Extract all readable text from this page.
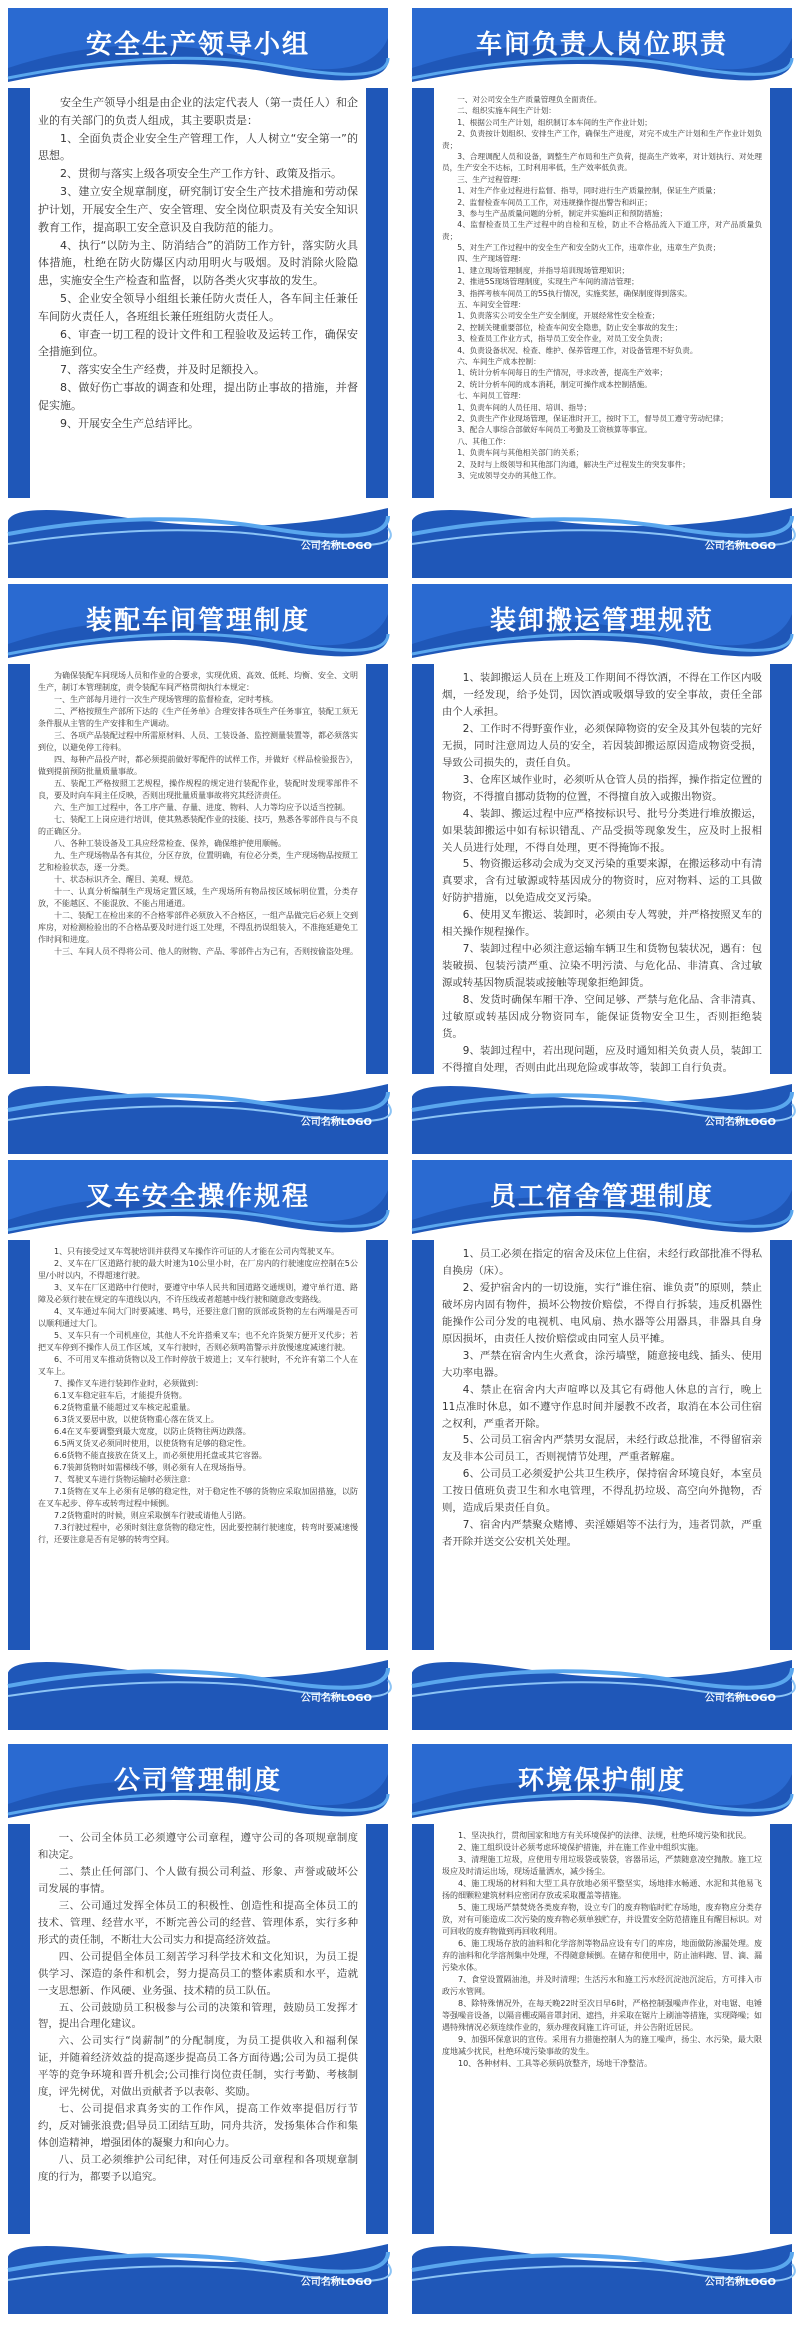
安全生产领导小组

安全生产领导小组是由企业的法定代表人（第一责任人）和企业的有关部门的负责人组成，其主要职责是：

1、全面负责企业安全生产管理工作，人人树立“安全第一”的思想。

2、贯彻与落实上级各项安全生产工作方针、政策及指示。

3、建立安全规章制度，研究制订安全生产技术措施和劳动保护计划，开展安全生产、安全管理、安全岗位职责及有关安全知识教育工作，提高职工安全意识及自我防范的能力。

4、执行“以防为主、防消结合”的消防工作方针，落实防火具体措施，杜绝在防火防爆区内动用明火与吸烟。及时消除火险隐患，实施安全生产检查和监督，以防各类火灾事故的发生。

5、企业安全领导小组组长兼任防火责任人，各车间主任兼任车间防火责任人，各班组长兼任班组防火责任人。

6、审查一切工程的设计文件和工程验收及运转工作，确保安全措施到位。

7、落实安全生产经费，并及时足额投入。

8、做好伤亡事故的调查和处理，提出防止事故的措施，并督促实施。

9、开展安全生产总结评比。

公司名称LOGO
车间负责人岗位职责

一、对公司安全生产质量管理负全面责任。

二、组织实施车间生产计划：

1、根据公司生产计划，组织制订本车间的生产作业计划；

2、负责按计划组织、安排生产工作，确保生产进度，对完不成生产计划和生产作业计划负责；

3、合理调配人员和设备，调整生产布局和生产负荷，提高生产效率，对计划执行、对处理员，生产安全不达标，工时利用率低，生产效率低负责。

三、生产过程管理：

1、对生产作业过程进行监督、指导，同时进行生产质量控制，保证生产质量；

2、监督检查车间员工工作，对违规操作提出警告和纠正；

3、参与生产品质量问题的分析，制定并实施纠正和预防措施；

4、监督检查员工生产过程中的自检和互检，防止不合格品流入下道工序，对产品质量负责；

5、对生产工作过程中的安全生产和安全防火工作，违章作业，违章生产负责；

四、生产现场管理：

1、建立现场管理制度，并指导培训现场管理知识；

2、推进5S现场管理制度，实现生产车间的清洁管理；

3、指挥考核车间员工的5S执行情况，实施奖惩，确保制度得到落实。

五、车间安全管理：

1、负责落实公司安全生产安全制度，开展经常性安全检查；

2、控制关键重要部位，检查车间安全隐患，防止安全事故的发生；

3、检查员工作业方式，指导员工安全作业，对员工安全负责；

4、负责设备状况、检查、维护、保养管理工作，对设备管理不好负责。

六、车间生产成本控制：

1、统计分析车间每日的生产情况，寻求改善，提高生产效率；

2、统计分析车间的成本消耗，制定可操作成本控制措施。

七、车间员工管理：

1、负责车间的人员任用、培训、指导；

2、负责生产作业现场管理，保证准时开工，按时下工，督导员工遵守劳动纪律；

3、配合人事综合部做好车间员工考勤及工资核算等事宜。

八、其他工作：

1、负责车间与其他相关部门的关系；

2、及时与上级领导和其他部门沟通，解决生产过程发生的突发事件；

3、完成领导交办的其他工作。

公司名称LOGO
装配车间管理制度

为确保装配车间现场人员和作业的合要求，实现优质、高效、低耗、均衡、安全、文明生产，制订本管理制度，责令装配车间严格贯彻执行本规定：

一、生产部每月进行一次生产现场管理的监督检查，定时考核。

二、严格按照生产部所下达的《生产任务单》合理安排各项生产任务事宜，装配工须无条件服从主管的生产安排和生产调动。

三、各项产品装配过程中所需原材料、人员、工装设备、监控测量装置等，都必须落实到位，以避免停工待料。

四、每种产品投产时，都必须提前做好零配件的试样工作，并做好《样品检验报告》，做到提前预防批量质量事故。

五、装配工严格按照工艺规程，操作规程的规定进行装配作业，装配时发现零部件不良，要及时向车间主任反映，否则出现批量质量事故将究其经济责任。

六、生产加工过程中，各工序产量、存量、进度、物料、人力等均应予以适当控制。

七、装配工上岗应进行培训，使其熟悉装配作业的技能、技巧，熟悉各零部件良与不良的正确区分。

八、各种工装设备及工具应经常检查、保养，确保维护使用顺畅。

九、生产现场物品各有其位，分区存放，位置明确，有位必分类，生产现场物品按照工艺和检验状态，逐一分类。

十、状态标识齐全、醒目、美观、规范。

十一、认真分析编制生产现场定置区域，生产现场所有物品按区域标明位置，分类存放，不能越区、不能混放、不能占用通道。

十二、装配工在检出来的不合格零部件必须放入不合格区，一组产品做完后必须上交到库房，对检测检验出的不合格品要及时进行返工处理，不得乱扔误组装入，不准拖延避免工作时间和进度。

十三、车间人员不得将公司、他人的财物、产品、零部件占为己有，否则按偷盗处理。

公司名称LOGO
装卸搬运管理规范

1、装卸搬运人员在上班及工作期间不得饮酒，不得在工作区内吸烟，一经发现，给予处罚，因饮酒或吸烟导致的安全事故，责任全部由个人承担。

2、工作时不得野蛮作业，必须保障物资的安全及其外包装的完好无损，同时注意周边人员的安全，若因装卸搬运原因造成物资受损，导致公司损失的，责任自负。

3、仓库区域作业时，必须听从仓管人员的指挥，操作指定位置的物资，不得擅自挪动货物的位置，不得擅自放入或搬出物资。

4、装卸、搬运过程中应严格按标识号、批号分类进行堆放搬运，如果装卸搬运中如有标识错乱、产品受损等现象发生，应及时上报相关人员进行处理，不得自处理，更不得掩饰不报。

5、物资搬运移动会成为交叉污染的重要来源，在搬运移动中有清真要求，含有过敏源或特基因成分的物资时，应对物料、运的工具做好防护措施，以免造成交叉污染。

6、使用叉车搬运、装卸时，必须由专人驾驶，并严格按照叉车的相关操作规程操作。

7、装卸过程中必须注意运输车辆卫生和货物包装状况，遇有：包装破损、包装污渍严重、泣染不明污渍、与危化品、非清真、含过敏源或转基因物质混装或接触等现象拒绝卸货。

8、发货时确保车厢干净、空间足够、严禁与危化品、含非清真、过敏原或转基因成分物资同车，能保证货物安全卫生，否则拒绝装货。

9、装卸过程中，若出现问题，应及时通知相关负责人员，装卸工不得擅自处理，否则由此出现危险或事故等，装卸工自行负责。

公司名称LOGO
叉车安全操作规程

1、只有接受过叉车驾驶培训并获得叉车操作许可证的人才能在公司内驾驶叉车。

2、叉车在厂区道路行驶的最大时速为10公里小时，在厂房内的行驶速度应控制在5公里/小时以内，不得超速行驶。

3、叉车在厂区道路中行使时，要遵守中华人民共和国道路交通规则，遵守单行道、路障及必须行驶在规定的车道线以内，不许压线或者超越中线行驶和随意改变路线。

4、叉车通过车间大门时要减速、鸣号，还要注意门窗的顶部或货物的左右两端是否可以顺利通过大门。

5、叉车只有一个司机座位，其他人不允许搭乘叉车；也不允许货架方便开叉代步；若把叉车停到不操作人员工作区域，叉车行驶时，否则必须鸣笛警示并放慢速度减速行驶。

6、不可用叉车推动货物以及工作时停放于坡道上；叉车行驶时，不允许有第二个人在叉车上。

7、操作叉车进行装卸作业时，必须做到：

6.1叉车稳定驻车后，才能提升货物。

6.2货物重量不能超过叉车核定起重量。

6.3货叉要居中放，以使货物重心落在货叉上。

6.4在叉车要调整到最大宽度，以防止货物往两边跌落。

6.5两叉货叉必须同时使用，以使货物有足够的稳定性。

6.6货物不能直接放在货叉上，而必须使用托盘或其它容器。

6.7装卸货物时如需梯线不够，则必须有人在现场指导。

7、驾驶叉车进行货物运输时必须注意：

7.1货物在叉车上必须有足够的稳定性，对于稳定性不够的货物应采取加固措施，以防在叉车起步、停车或转弯过程中倾倒。

7.2货物重时的时候，则应采取倒车行驶或请他人引路。

7.3行驶过程中，必须时刻注意货物的稳定性，因此要控制行驶速度，转弯时要减速慢行，还要注意是否有足够的转弯空间。

公司名称LOGO
员工宿舍管理制度

1、员工必须在指定的宿舍及床位上住宿，未经行政部批准不得私自换房（床）。

2、爱护宿舍内的一切设施，实行“谁住宿、谁负责”的原则，禁止破坏房内固有物件，损坏公物按价赔偿，不得自行拆装，违反机器性能操作公司分发的电视机、电风扇、热水器等公用器具，非器具自身原因损坏，由责任人按价赔偿或由同室人员平摊。

3、严禁在宿舍内生火煮食，涂污墙壁，随意接电线、插头、使用大功率电器。

4、禁止在宿舍内大声喧哗以及其它有碍他人休息的言行，晚上11点准时休息，如不遵守作息时间并屡教不改者，取消在本公司住宿之权利，严重者开除。

5、公司员工宿舍内严禁男女混居，未经行政总批准，不得留宿亲友及非本公司员工，否则视情节处理，严重者解雇。

6、公司员工必须爱护公共卫生秩序，保持宿舍环境良好，本室员工按日值班负责卫生和水电管理，不得乱扔垃圾、高空向外抛物，否则，造成后果责任自负。

7、宿舍内严禁聚众赌博、卖淫嫖娼等不法行为，违者罚款，严重者开除并送交公安机关处理。

公司名称LOGO
公司管理制度

一、公司全体员工必须遵守公司章程，遵守公司的各项规章制度和决定。

二、禁止任何部门、个人做有损公司利益、形象、声誉或破坏公司发展的事情。

三、公司通过发挥全体员工的积极性、创造性和提高全体员工的技术、管理、经营水平，不断完善公司的经营、管理体系，实行多种形式的责任制，不断壮大公司实力和提高经济效益。

四、公司提倡全体员工刻苦学习科学技术和文化知识，为员工提供学习、深造的条件和机会，努力提高员工的整体素质和水平，造就一支思想新、作风硬、业务强、技术精的员工队伍。

五、公司鼓励员工积极参与公司的决策和管理，鼓励员工发挥才智，提出合理化建议。

六、公司实行“岗薪制”的分配制度，为员工提供收入和福利保证，并随着经济效益的提高逐步提高员工各方面待遇;公司为员工提供平等的竞争环境和晋升机会;公司推行岗位责任制，实行考勤、考核制度，评先树优，对做出贡献者予以表彰、奖励。

七、公司提倡求真务实的工作作风，提高工作效率提倡厉行节约，反对铺张浪费;倡导员工团结互助，同舟共济，发扬集体合作和集体创造精神，增强团体的凝聚力和向心力。

八、员工必须维护公司纪律，对任何违反公司章程和各项规章制度的行为，都要予以追究。

公司名称LOGO
环境保护制度

1、坚决执行，贯彻国家和地方有关环境保护的法律、法规，杜绝环境污染和扰民。

2、施工组织设计必须考虑环境保护措施，并在施工作业中组织实施。

3、清理施工垃圾，应使用专用垃圾袋或装袋，容器吊运，严禁随意凌空抛散。施工垃圾应及时清运出场，现场适量洒水，减少扬尘。

4、施工现场的材料和大型工具存放地必须平整坚实，场地排水畅通、水泥和其他易飞扬的细颗粒建筑材料应密闭存放或采取覆盖等措施。

5、施工现场严禁焚烧各类废弃物，设立专门的废弃物临时贮存场地，废弃物应分类存放，对有可能造成二次污染的废弃物必须单独贮存，并设置安全防范措施且有醒目标识。对可回收的废弃物做到再回收利用。

6、施工现场存放的油料和化学溶剂等物品应设有专门的库房，地面做防渗漏处理。废弃的油料和化学溶剂集中处理，不得随意倾倒。在储存和使用中，防止油料跑、冒、滴、漏污染水体。

7、食堂设置隔油池，并及时清理；生活污水和施工污水经沉淀池沉淀后，方可排入市政污水管网。

8、除特殊情况外，在每天晚22时至次日早6时，严格控制强噪声作业，对电锯、电锤等强噪音设备，以隔音棚或隔音罩封闭、遮挡，并采取在锯片上刷油等措施，实现降噪；如遇特殊情况必须连续作业的，须办理夜间施工许可证，并公告附近居民。

9、加强环保意识的宣传。采用有力措施控制人为的施工噪声，扬尘、水污染，最大限度地减少扰民，杜绝环境污染事故的发生。

10、各种材料、工具等必须码放整齐，场地干净整洁。

公司名称LOGO
